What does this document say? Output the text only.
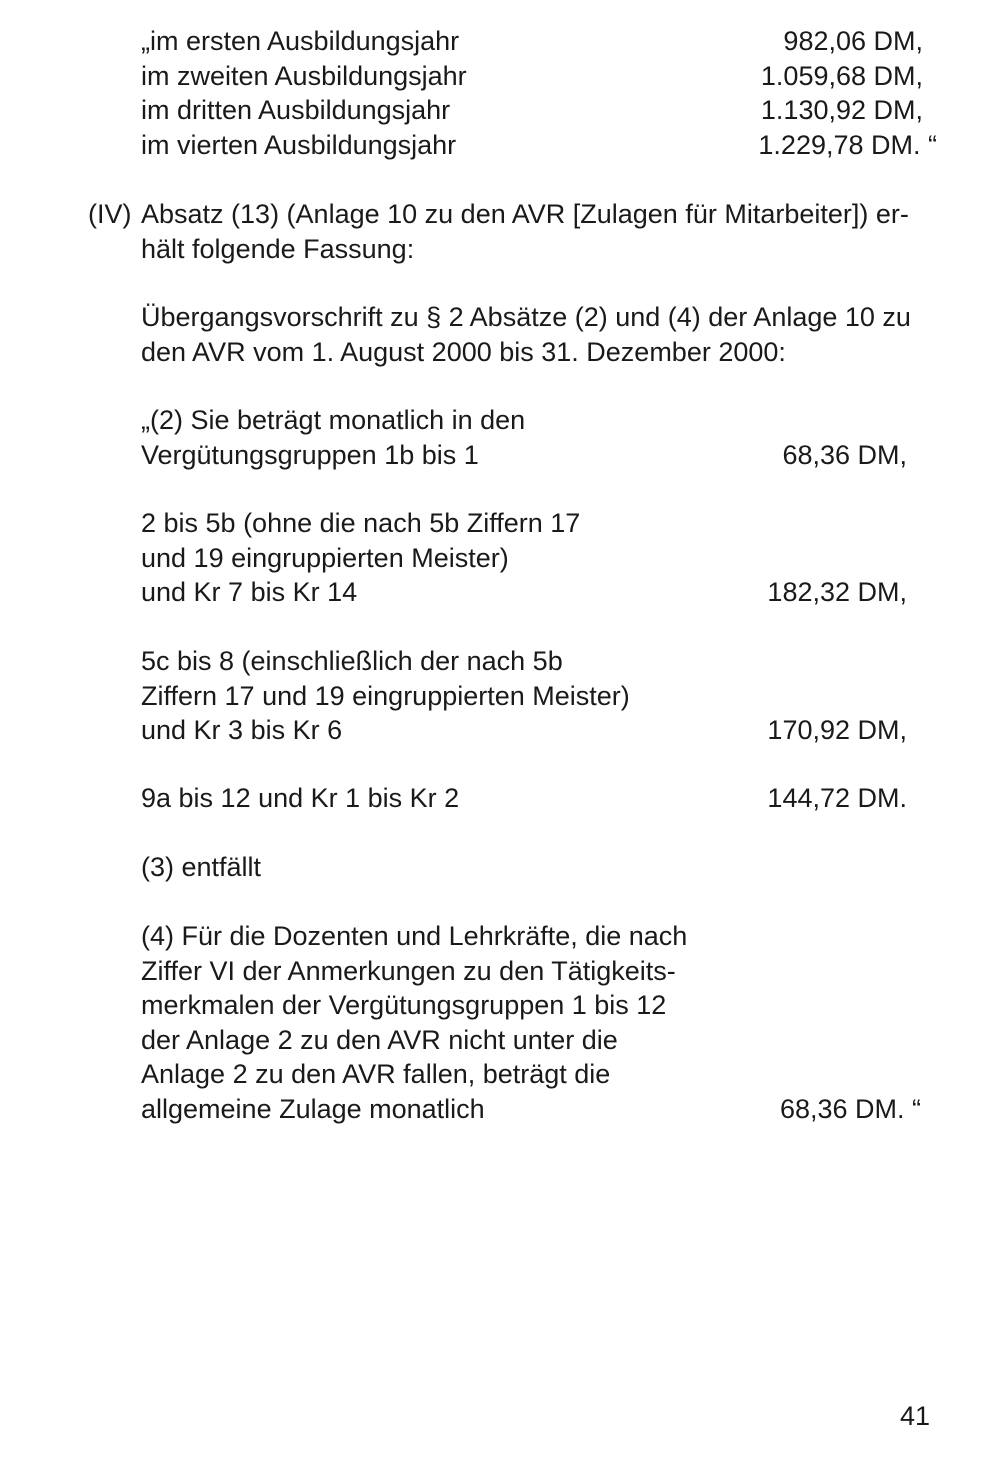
„im ersten Ausbildungsjahr	982,06 DM,
im zweiten Ausbildungsjahr	1.059,68 DM,
im dritten Ausbildungsjahr	1.130,92 DM,
im vierten Ausbildungsjahr	1.229,78 DM. “
(IV) Absatz (13) (Anlage 10 zu den AVR [Zulagen für Mitarbeiter]) er-
hält folgende Fassung:
Übergangsvorschrift zu § 2 Absätze (2) und (4) der Anlage 10 zu
den AVR vom 1. August 2000 bis 31. Dezember 2000:
„(2) Sie beträgt monatlich in den
Vergütungsgruppen 1b bis 1	68,36 DM,
2 bis 5b (ohne die nach 5b Ziffern 17
und 19 eingruppierten Meister)
und Kr 7 bis Kr 14	182,32 DM,
5c bis 8 (einschließlich der nach 5b
Ziffern 17 und 19 eingruppierten Meister)
und Kr 3 bis Kr 6	170,92 DM,
9a bis 12 und Kr 1 bis Kr 2	144,72 DM.
(3) entfällt
(4) Für die Dozenten und Lehrkräfte, die nach
Ziffer VI der Anmerkungen zu den Tätigkeits-
merkmalen der Vergütungsgruppen 1 bis 12
der Anlage 2 zu den AVR nicht unter die
Anlage 2 zu den AVR fallen, beträgt die
allgemeine Zulage monatlich	68,36 DM. “
41
